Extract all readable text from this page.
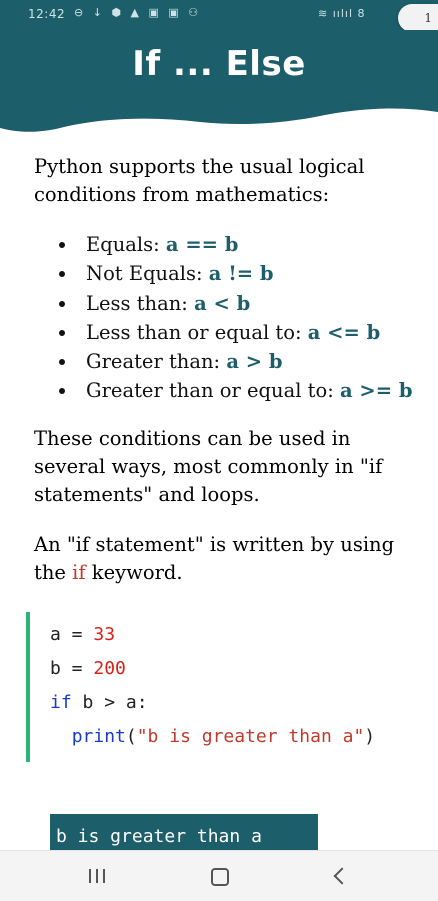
12:42 ⊖ ↓ ⬢ ▲ ▣ ▣ ⚇	≋ ıılıl 8	1
If ... Else

Python supports the usual logical conditions from mathematics:

Equals: a == b
Not Equals: a != b
Less than: a < b
Less than or equal to: a <= b
Greater than: a > b
Greater than or equal to: a >= b

These conditions can be used in several ways, most commonly in "if statements" and loops.

An "if statement" is written by using the if keyword.

a = 33
b = 200
if b > a:
print("b is greater than a")
b is greater than a
